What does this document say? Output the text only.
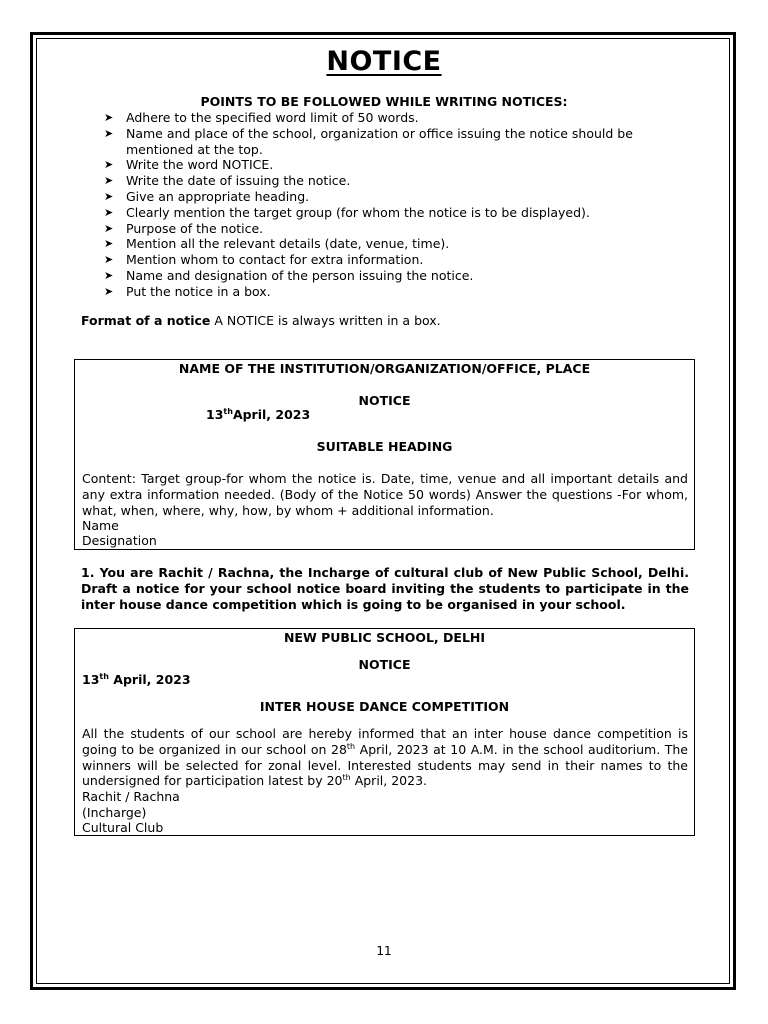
NOTICE
POINTS TO BE FOLLOWED WHILE WRITING NOTICES:
➤ Adhere to the specified word limit of 50 words.
➤ Name and place of the school, organization or office issuing the notice should be mentioned at the top.
➤ Write the word NOTICE.
➤ Write the date of issuing the notice.
➤ Give an appropriate heading.
➤ Clearly mention the target group (for whom the notice is to be displayed).
➤ Purpose of the notice.
➤ Mention all the relevant details (date, venue, time).
➤ Mention whom to contact for extra information.
➤ Name and designation of the person issuing the notice.
➤ Put the notice in a box.
Format of a notice A NOTICE is always written in a box.
NAME OF THE INSTITUTION/ORGANIZATION/OFFICE, PLACE
NOTICE
13thApril, 2023
SUITABLE HEADING
Content: Target group-for whom the notice is. Date, time, venue and all important details and any extra information needed. (Body of the Notice 50 words) Answer the questions -For whom, what, when, where, why, how, by whom + additional information.
Name
Designation
1. You are Rachit / Rachna, the Incharge of cultural club of New Public School, Delhi. Draft a notice for your school notice board inviting the students to participate in the inter house dance competition which is going to be organised in your school.
NEW PUBLIC SCHOOL, DELHI
NOTICE
13th April, 2023
INTER HOUSE DANCE COMPETITION
All the students of our school are hereby informed that an inter house dance competition is going to be organized in our school on 28th April, 2023 at 10 A.M. in the school auditorium. The winners will be selected for zonal level. Interested students may send in their names to the undersigned for participation latest by 20th April, 2023.
Rachit / Rachna
(Incharge)
Cultural Club
11
